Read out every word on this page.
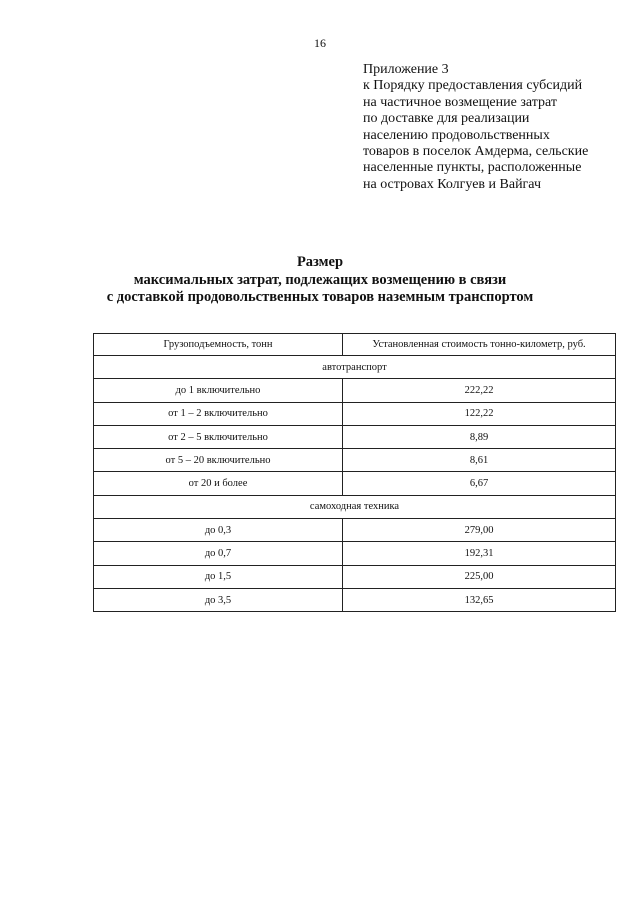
16
Приложение 3
к Порядку предоставления субсидий
на частичное возмещение затрат
по доставке для реализации
населению продовольственных
товаров в поселок Амдерма, сельские
населенные пункты, расположенные
на островах Колгуев и Вайгач
Размер
максимальных затрат, подлежащих возмещению в связи
с доставкой продовольственных товаров наземным транспортом
Грузоподъемность, тонн	Установленная стоимость тонно-километр, руб.
автотранспорт	
до 1 включительно	222,22
от 1 – 2 включительно	122,22
от 2 – 5 включительно	8,89
от 5 – 20 включительно	8,61
от 20 и более	6,67
самоходная техника	
до 0,3	279,00
до 0,7	192,31
до 1,5	225,00
до 3,5	132,65
